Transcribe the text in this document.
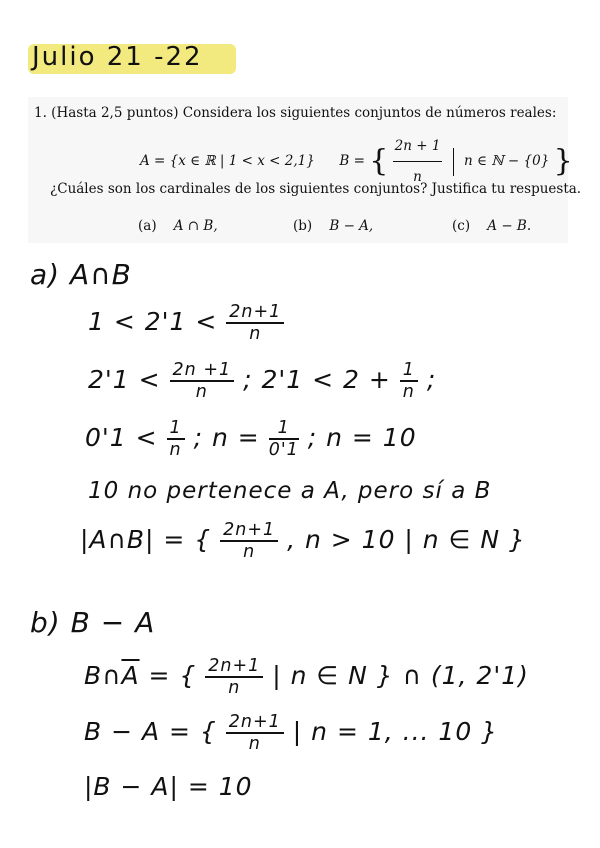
Julio 21 -22
1. (Hasta 2,5 puntos) Considera los siguientes conjuntos de números reales:
A = {x ∈ ℝ | 1 < x < 2,1} B = { $\frac{2n + 1}{n}$ n ∈ ℕ − {0} }
¿Cuáles son los cardinales de los siguientes conjuntos? Justifica tu respuesta.
(a) A ∩ B,	(b) B − A,	(c) A − B.
a) A∩B
$1 < 2'1 < \frac{2n+1}{n}$
$2'1 < \frac{2n +1}{n}$ ; $2'1 < 2 + \frac{1}{n}$ ;
$0'1 < \frac{1}{n}$ ; $n = \frac{1}{0'1}$ ; n = 10
10 no pertenece a A, pero sí a B
|A∩B| = { $\frac{2n+1}{n}$ , n > 10 | n ∈ N }
b) B − A
$B\cap\overline{A}$ = { $\frac{2n+1}{n}$ | n ∈ N } ∩ (1, 2'1)
B − A = { $\frac{2n+1}{n}$ | n = 1, ... 10 }
|B − A| = 10
